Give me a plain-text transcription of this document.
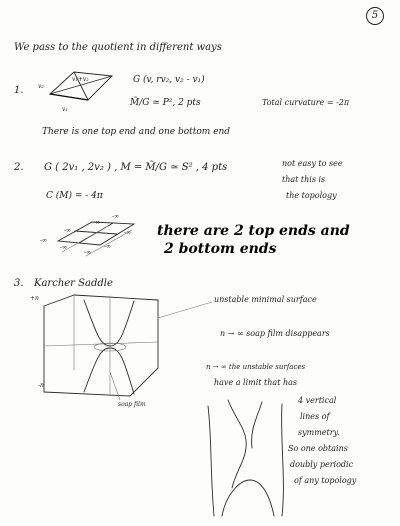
5
We pass to the quotient in different ways
1.
G (v, rv₂, v₂ - v₁)
M̃/G ≃ P², 2 pts	Total curvature = -2π
There is one top end and one bottom end
v₂
v₁+v₂
v₁
2. G ( 2v₁ , 2v₂ ) , M = M̃/G ≃ S² , 4 pts
C (M) = - 4π
not easy to see
that this is
the topology
there are 2 top ends and
2 bottom ends
-∞
-∞
-∞
-∞
-∞
-∞
-∞
-∞
3. Karcher Saddle
+n
-n
soap film
unstable minimal surface
n → ∞ soap film disappears
n → ∞ the unstable surfaces
have a limit that has
4 vertical
lines of
symmetry.
So one obtains
doubly periodic
of any topology
